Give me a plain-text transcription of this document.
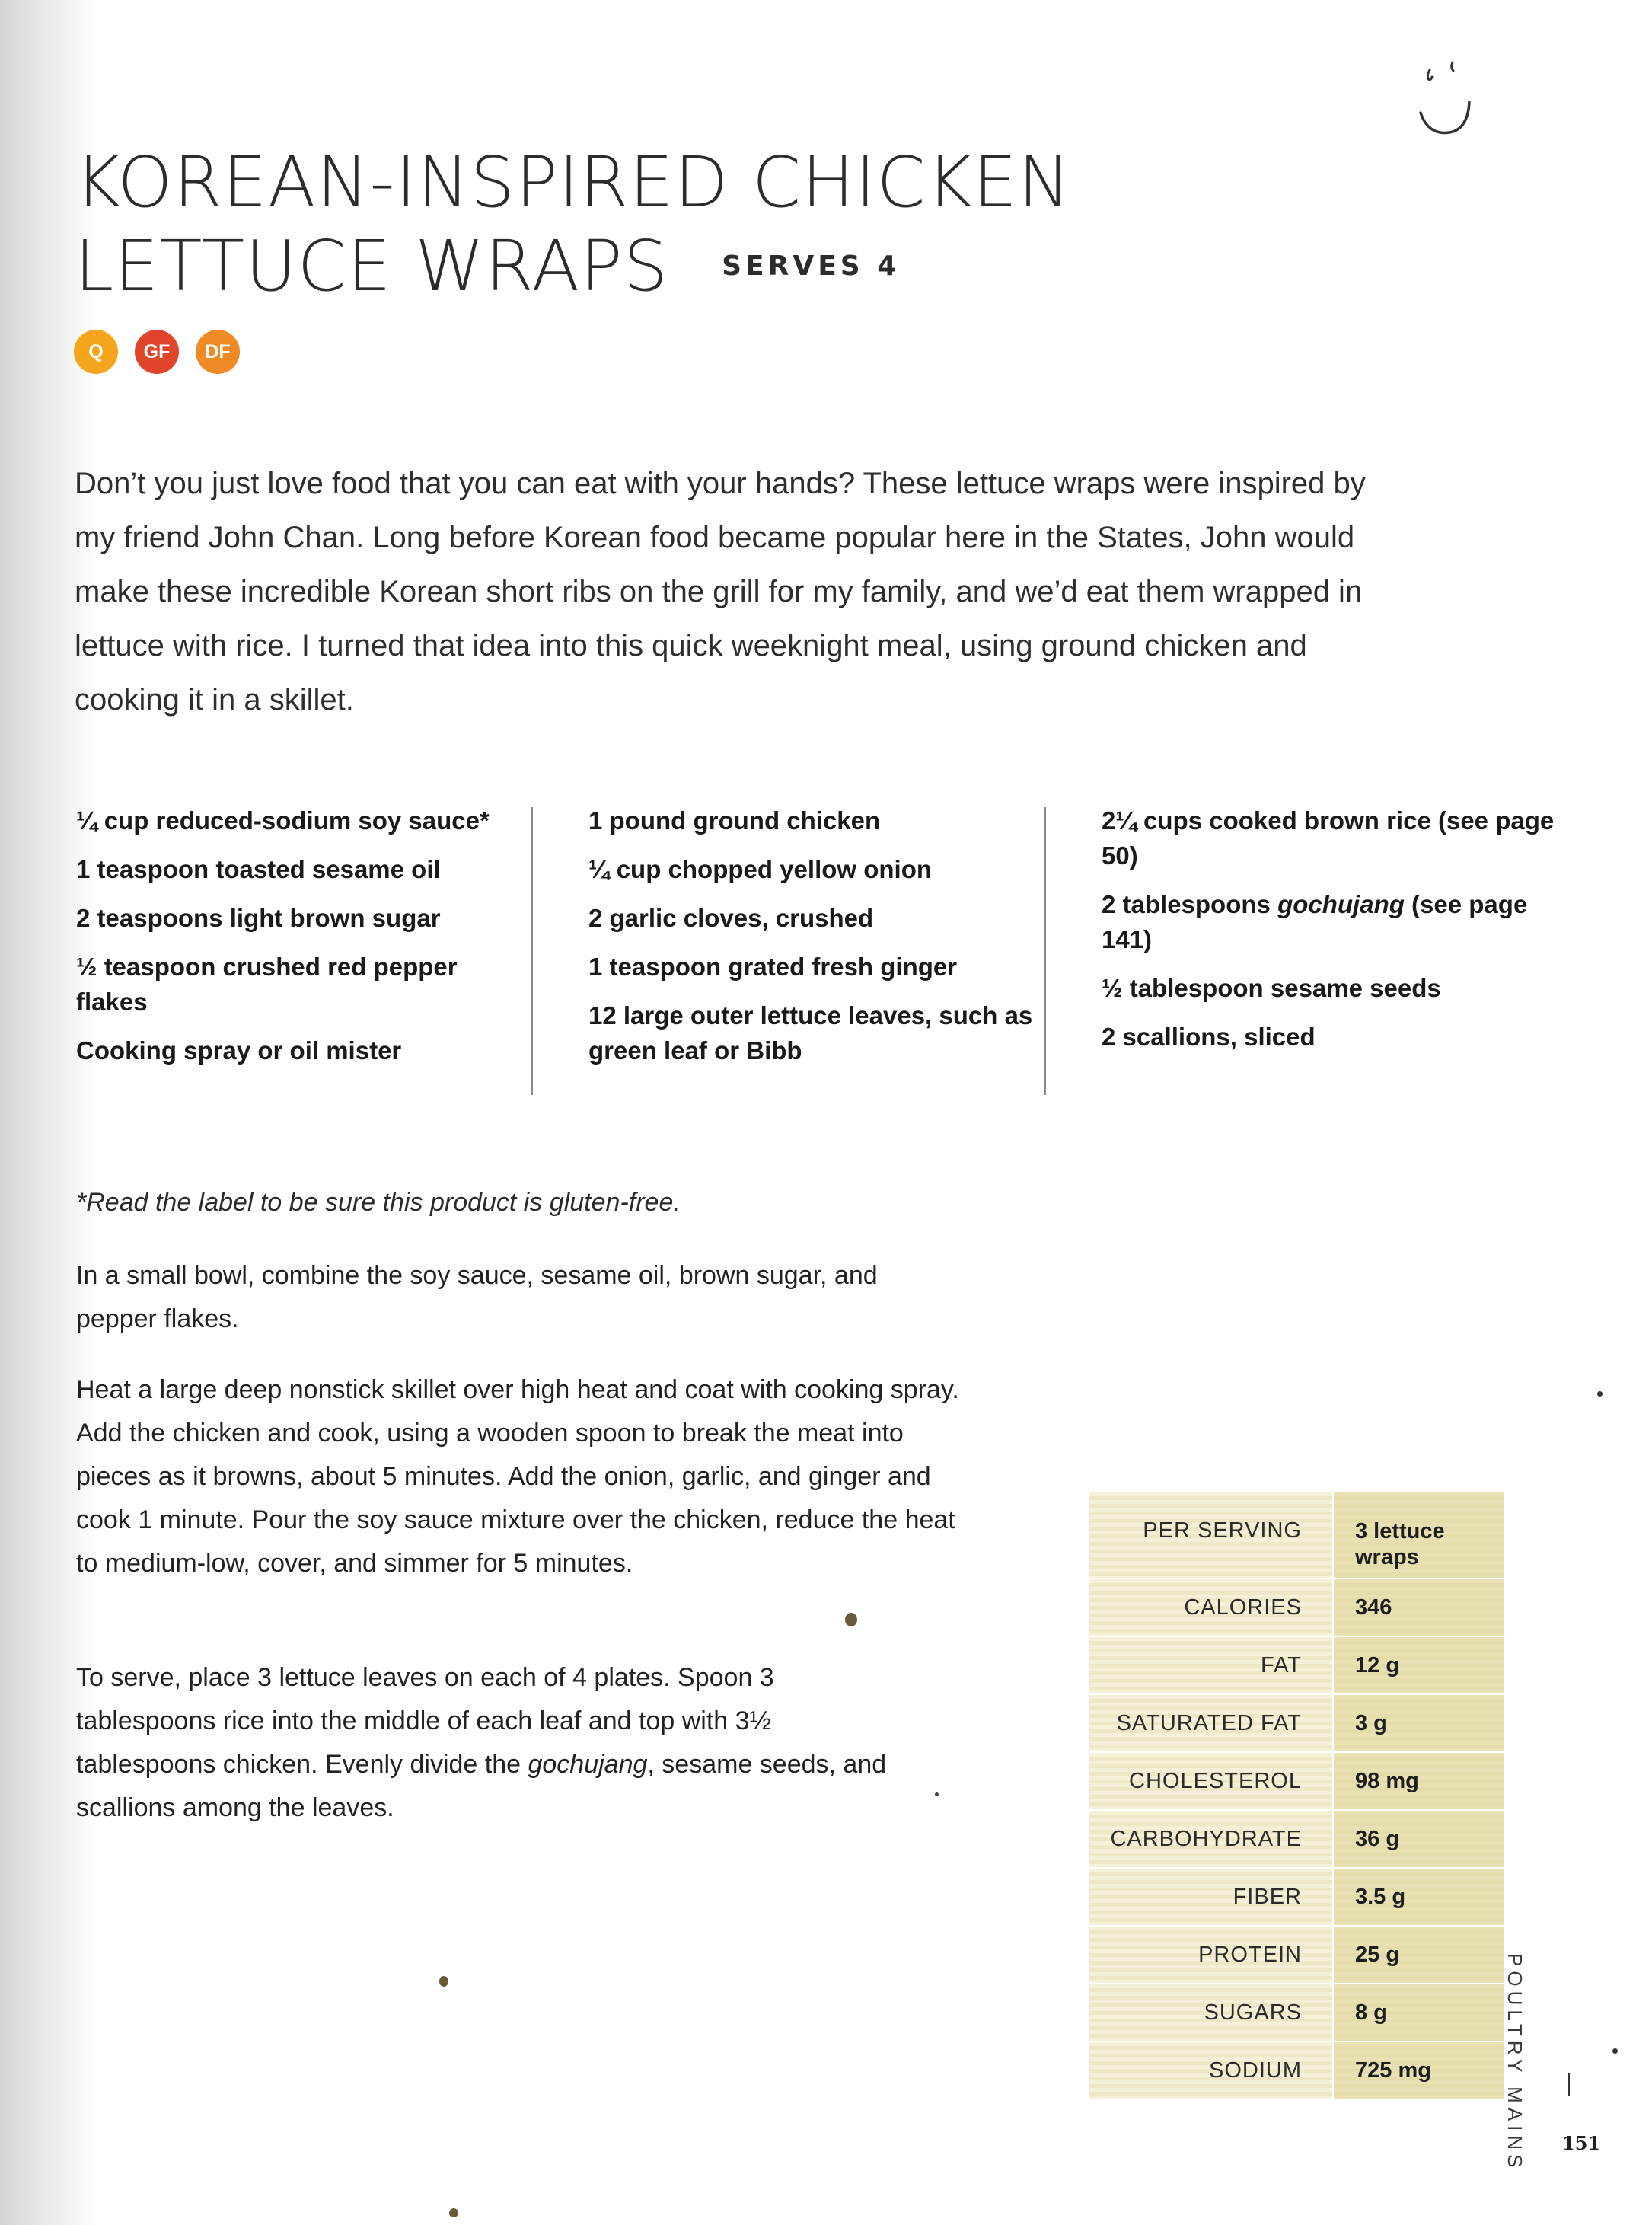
KOREAN-INSPIRED CHICKEN
LETTUCE WRAPS SERVES 4
Q	GF	DF

Don’t you just love food that you can eat with your hands? These lettuce wraps were inspired by my friend John Chan. Long before Korean food became popular here in the States, John would make these incredible Korean short ribs on the grill for my family, and we’d eat them wrapped in lettuce with rice. I turned that idea into this quick weeknight meal, using ground chicken and cooking it in a skillet.

¼ cup reduced-sodium soy sauce*
1 teaspoon toasted sesame oil
2 teaspoons light brown sugar
½ teaspoon crushed red pepper flakes
Cooking spray or oil mister
1 pound ground chicken
¼ cup chopped yellow onion
2 garlic cloves, crushed
1 teaspoon grated fresh ginger
12 large outer lettuce leaves, such as green leaf or Bibb
2¼ cups cooked brown rice (see page 50)
2 tablespoons gochujang (see page 141)
½ tablespoon sesame seeds
2 scallions, sliced

*Read the label to be sure this product is gluten-free.

In a small bowl, combine the soy sauce, sesame oil, brown sugar, and pepper flakes.

Heat a large deep nonstick skillet over high heat and coat with cooking spray. Add the chicken and cook, using a wooden spoon to break the meat into pieces as it browns, about 5 minutes. Add the onion, garlic, and ginger and cook 1 minute. Pour the soy sauce mixture over the chicken, reduce the heat to medium-low, cover, and simmer for 5 minutes.

To serve, place 3 lettuce leaves on each of 4 plates. Spoon 3 tablespoons rice into the middle of each leaf and top with 3½ tablespoons chicken. Evenly divide the gochujang, sesame seeds, and scallions among the leaves.

PER SERVING	3 lettuce wraps
CALORIES	346
FAT	12 g
SATURATED FAT	3 g
CHOLESTEROL	98 mg
CARBOHYDRATE	36 g
FIBER	3.5 g
PROTEIN	25 g
SUGARS	8 g
SODIUM	725 mg	POULTRY MAINS 151
